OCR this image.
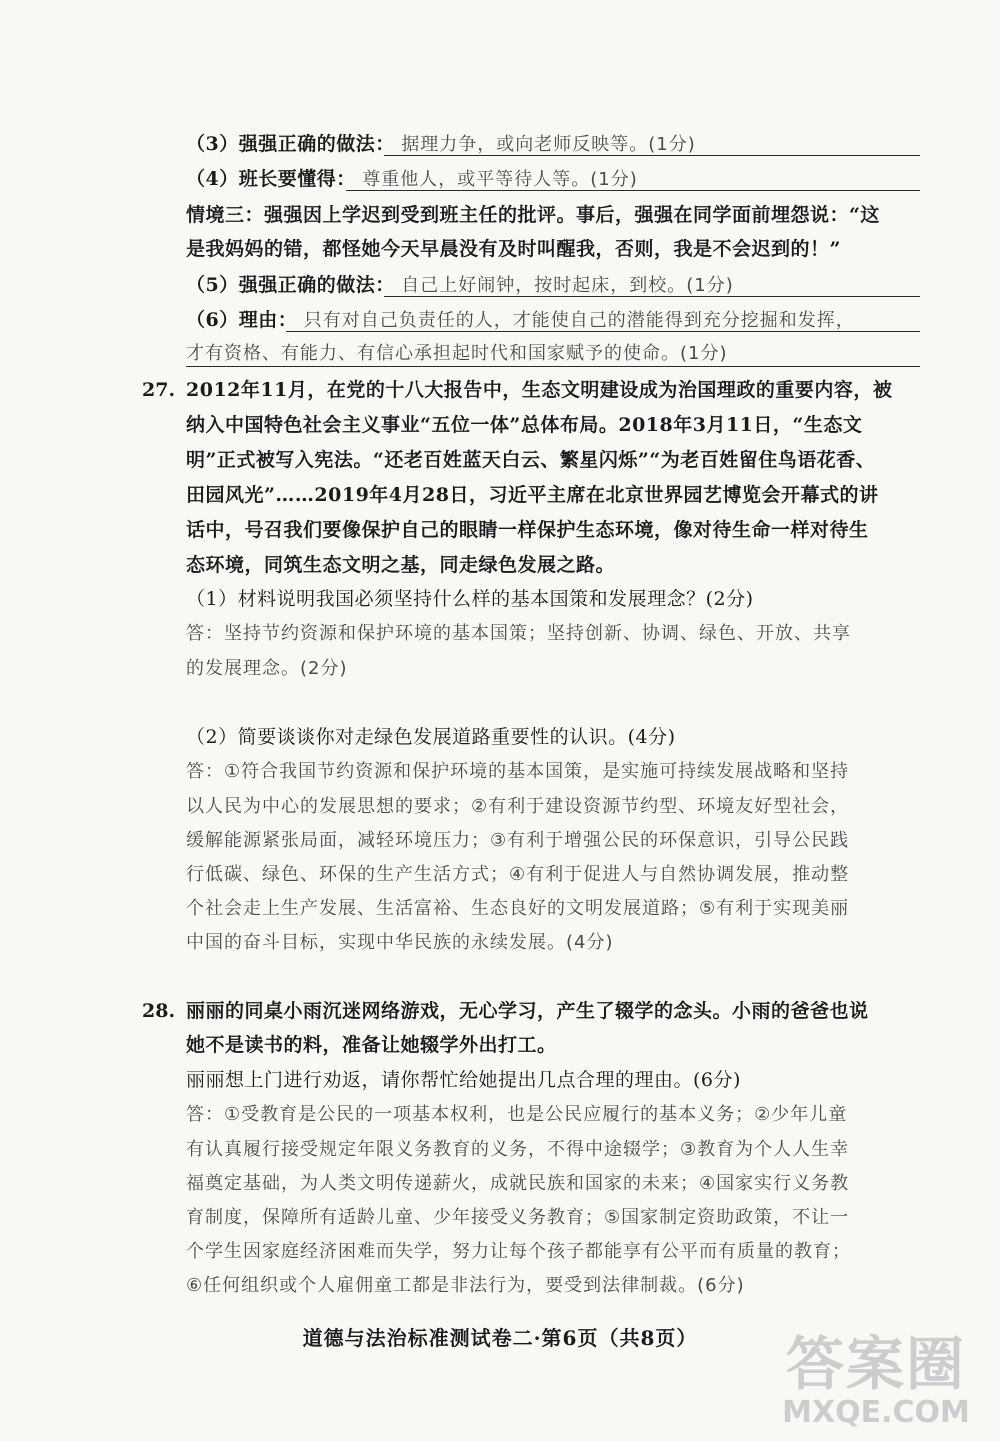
（3）强强正确的做法： 据理力争，或向老师反映等。(1分)
（4）班长要懂得： 尊重他人，或平等待人等。(1分)
情境三：强强因上学迟到受到班主任的批评。事后，强强在同学面前埋怨说：“这
是我妈妈的错，都怪她今天早晨没有及时叫醒我，否则，我是不会迟到的！”
（5）强强正确的做法： 自己上好闹钟，按时起床，到校。(1分)
（6）理由： 只有对自己负责任的人，才能使自己的潜能得到充分挖掘和发挥，
才有资格、有能力、有信心承担起时代和国家赋予的使命。(1分)
27. 2012年11月，在党的十八大报告中，生态文明建设成为治国理政的重要内容，被
纳入中国特色社会主义事业“五位一体”总体布局。2018年3月11日，“生态文
明”正式被写入宪法。“还老百姓蓝天白云、繁星闪烁”“为老百姓留住鸟语花香、
田园风光”……2019年4月28日，习近平主席在北京世界园艺博览会开幕式的讲
话中，号召我们要像保护自己的眼睛一样保护生态环境，像对待生命一样对待生
态环境，同筑生态文明之基，同走绿色发展之路。
（1）材料说明我国必须坚持什么样的基本国策和发展理念？(2分)
答：坚持节约资源和保护环境的基本国策；坚持创新、协调、绿色、开放、共享
的发展理念。(2分)
（2）简要谈谈你对走绿色发展道路重要性的认识。(4分)
答：①符合我国节约资源和保护环境的基本国策，是实施可持续发展战略和坚持
以人民为中心的发展思想的要求；②有利于建设资源节约型、环境友好型社会，
缓解能源紧张局面，减轻环境压力；③有利于增强公民的环保意识，引导公民践
行低碳、绿色、环保的生产生活方式；④有利于促进人与自然协调发展，推动整
个社会走上生产发展、生活富裕、生态良好的文明发展道路；⑤有利于实现美丽
中国的奋斗目标，实现中华民族的永续发展。(4分)
28. 丽丽的同桌小雨沉迷网络游戏，无心学习，产生了辍学的念头。小雨的爸爸也说
她不是读书的料，准备让她辍学外出打工。
丽丽想上门进行劝返，请你帮忙给她提出几点合理的理由。(6分)
答：①受教育是公民的一项基本权利，也是公民应履行的基本义务；②少年儿童
有认真履行接受规定年限义务教育的义务，不得中途辍学；③教育为个人人生幸
福奠定基础，为人类文明传递薪火，成就民族和国家的未来；④国家实行义务教
育制度，保障所有适龄儿童、少年接受义务教育；⑤国家制定资助政策，不让一
个学生因家庭经济困难而失学，努力让每个孩子都能享有公平而有质量的教育；
⑥任何组织或个人雇佣童工都是非法行为，要受到法律制裁。(6分)
道德与法治标准测试卷二·第6页（共8页）	答案圈
MXQE.COM
